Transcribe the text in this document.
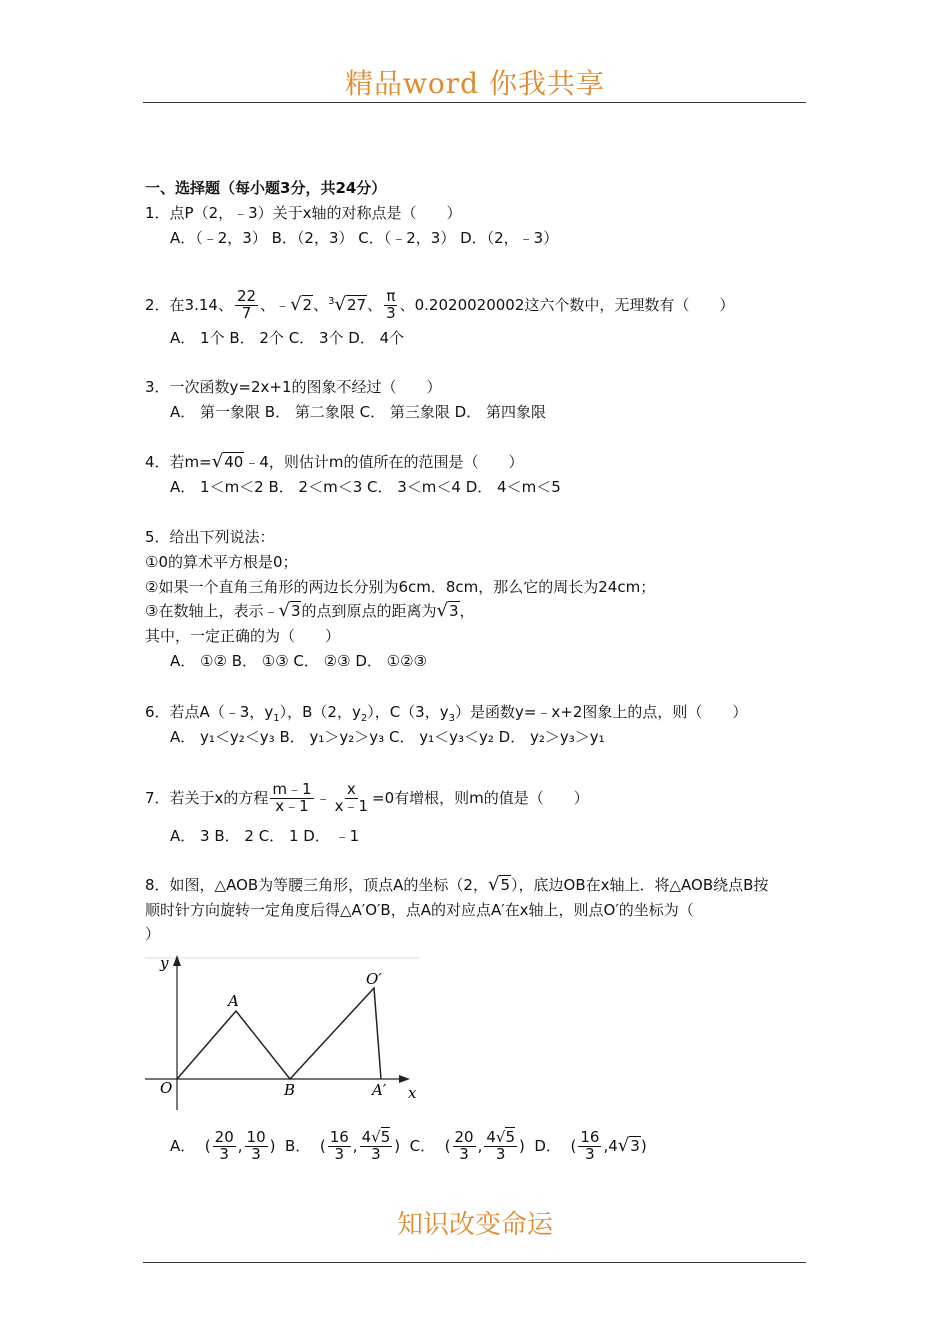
精品word 你我共享
一、选择题（每小题3分，共24分）
1．点P（2，﹣3）关于x轴的对称点是（　　）
A．（﹣2，3） B．（2，3） C．（﹣2，3） D．（2，﹣3）
2．在3.14、 $\frac{22}{7}$ 、﹣√2、$^3$√27、 $\frac{\pi}{3}$ 、0.2020020002这六个数中，无理数有（　　）
A． 1个 B． 2个 C． 3个 D． 4个
3．一次函数y=2x+1的图象不经过（　　）
A． 第一象限 B． 第二象限 C． 第三象限 D． 第四象限
4．若m=√40﹣4，则估计m的值所在的范围是（　　）
A． 1＜m＜2 B． 2＜m＜3 C． 3＜m＜4 D． 4＜m＜5
5．给出下列说法：
①0的算术平方根是0；
②如果一个直角三角形的两边长分别为6cm．8cm，那么它的周长为24cm；
③在数轴上，表示﹣√3的点到原点的距离为√3，
其中，一定正确的为（　　）
A． ①② B． ①③ C． ②③ D． ①②③
6．若点A（﹣3，$y_1$），B（2，$y_2$），C（3，$y_3$）是函数y=﹣x+2图象上的点，则（　　）
A． y₁＜y₂＜y₃ B． y₁＞y₂＞y₃ C． y₁＜y₃＜y₂ D． y₂＞y₃＞y₁
7．若关于x的方程 $\frac{m﹣1}{x﹣1}$ ﹣ $\frac{x}{x﹣1} =0$有增根，则m的值是（　　）
A． 3 B． 2 C． 1 D． ﹣1
8．如图，△AOB为等腰三角形，顶点A的坐标（2，√5），底边OB在x轴上．将△AOB绕点B按
顺时针方向旋转一定角度后得△A′O′B，点A的对应点A′在x轴上，则点O′的坐标为（
）
y
x
O
A
B
O′
A′
A．  ( $\frac{20}{3}$ , $\frac{10}{3}$ )  B．  ( $\frac{16}{3}$ , $\frac{4√5}{3}$ )  C．  ( $\frac{20}{3}$ , $\frac{4√5}{3}$ )  D．  ( $\frac{16}{3} ,4√3$)
知识改变命运
